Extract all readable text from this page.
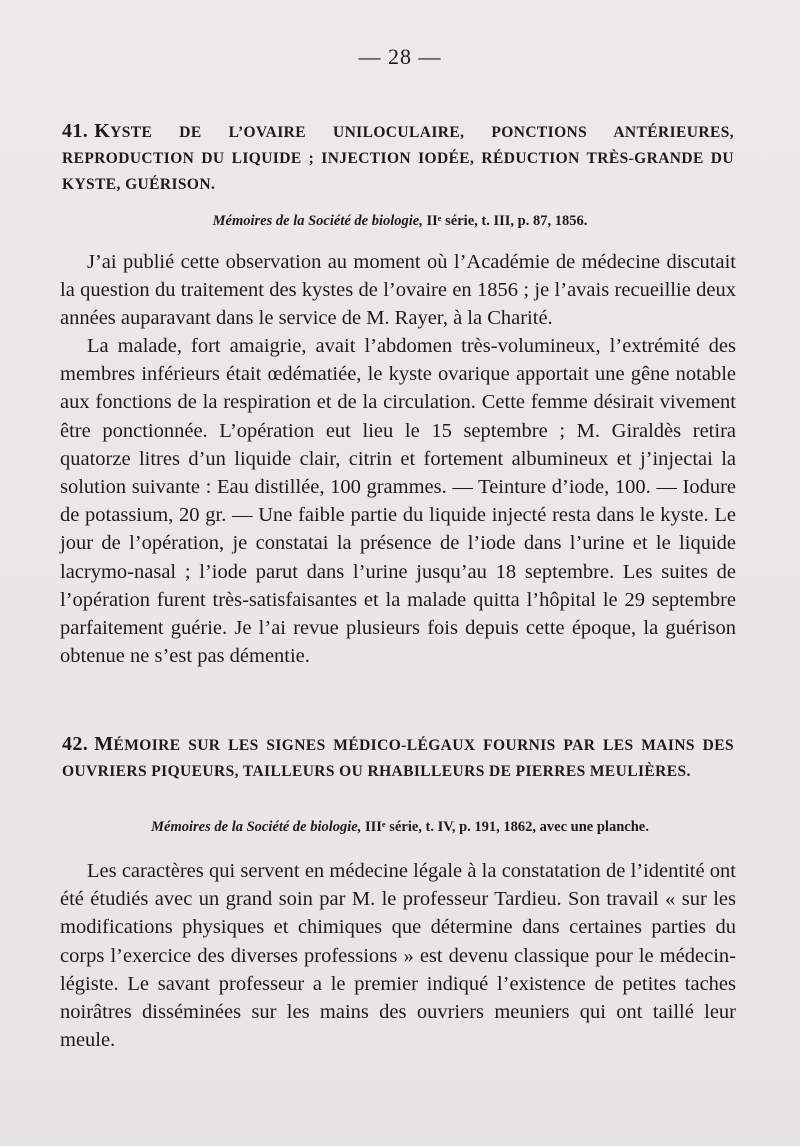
— 28 —
41. KYSTE DE L’OVAIRE UNILOCULAIRE, PONCTIONS ANTÉRIEURES, REPRODUCTION DU LIQUIDE ; INJECTION IODÉE, RÉDUCTION TRÈS-GRANDE DU KYSTE, GUÉRISON.
Mémoires de la Société de biologie, IIᵉ série, t. III, p. 87, 1856.

J’ai publié cette observation au moment où l’Académie de médecine discutait la question du traitement des kystes de l’ovaire en 1856 ; je l’avais recueillie deux années auparavant dans le service de M. Rayer, à la Charité.

La malade, fort amaigrie, avait l’abdomen très-volumineux, l’extrémité des membres inférieurs était œdématiée, le kyste ovarique apportait une gêne notable aux fonctions de la respiration et de la circulation. Cette femme désirait vivement être ponctionnée. L’opération eut lieu le 15 septembre ; M. Giraldès retira quatorze litres d’un liquide clair, citrin et fortement albumineux et j’injectai la solution suivante : Eau distillée, 100 grammes. — Teinture d’iode, 100. — Iodure de potassium, 20 gr. — Une faible partie du liquide injecté resta dans le kyste. Le jour de l’opération, je constatai la présence de l’iode dans l’urine et le liquide lacrymo-nasal ; l’iode parut dans l’urine jusqu’au 18 septembre. Les suites de l’opération furent très-satisfaisantes et la malade quitta l’hôpital le 29 septembre parfaitement guérie. Je l’ai revue plusieurs fois depuis cette époque, la guérison obtenue ne s’est pas démentie.

42. MÉMOIRE SUR LES SIGNES MÉDICO-LÉGAUX FOURNIS PAR LES MAINS DES OUVRIERS PIQUEURS, TAILLEURS OU RHABILLEURS DE PIERRES MEULIÈRES.
Mémoires de la Société de biologie, IIIᵉ série, t. IV, p. 191, 1862, avec une planche.

Les caractères qui servent en médecine légale à la constatation de l’identité ont été étudiés avec un grand soin par M. le professeur Tardieu. Son travail « sur les modifications physiques et chimiques que détermine dans certaines parties du corps l’exercice des diverses professions » est devenu classique pour le médecin-légiste. Le savant professeur a le premier indiqué l’existence de petites taches noirâtres disséminées sur les mains des ouvriers meuniers qui ont taillé leur meule.
